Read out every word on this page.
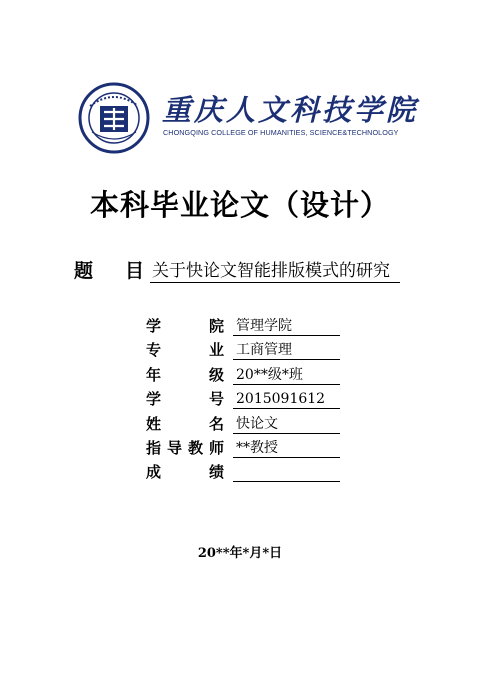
重庆人文科技学院
CHONGQING COLLEGE OF HUMANITIES, SCIENCE&TECHNOLOGY
本科毕业论文（设计）
题 目 关于快论文智能排版模式的研究
学	院 管理学院
专	业 工商管理
年	级 20**级*班
学	号 2015091612
姓	名 快论文
指 导 教 师 **教授
成	绩
20**年*月*日
